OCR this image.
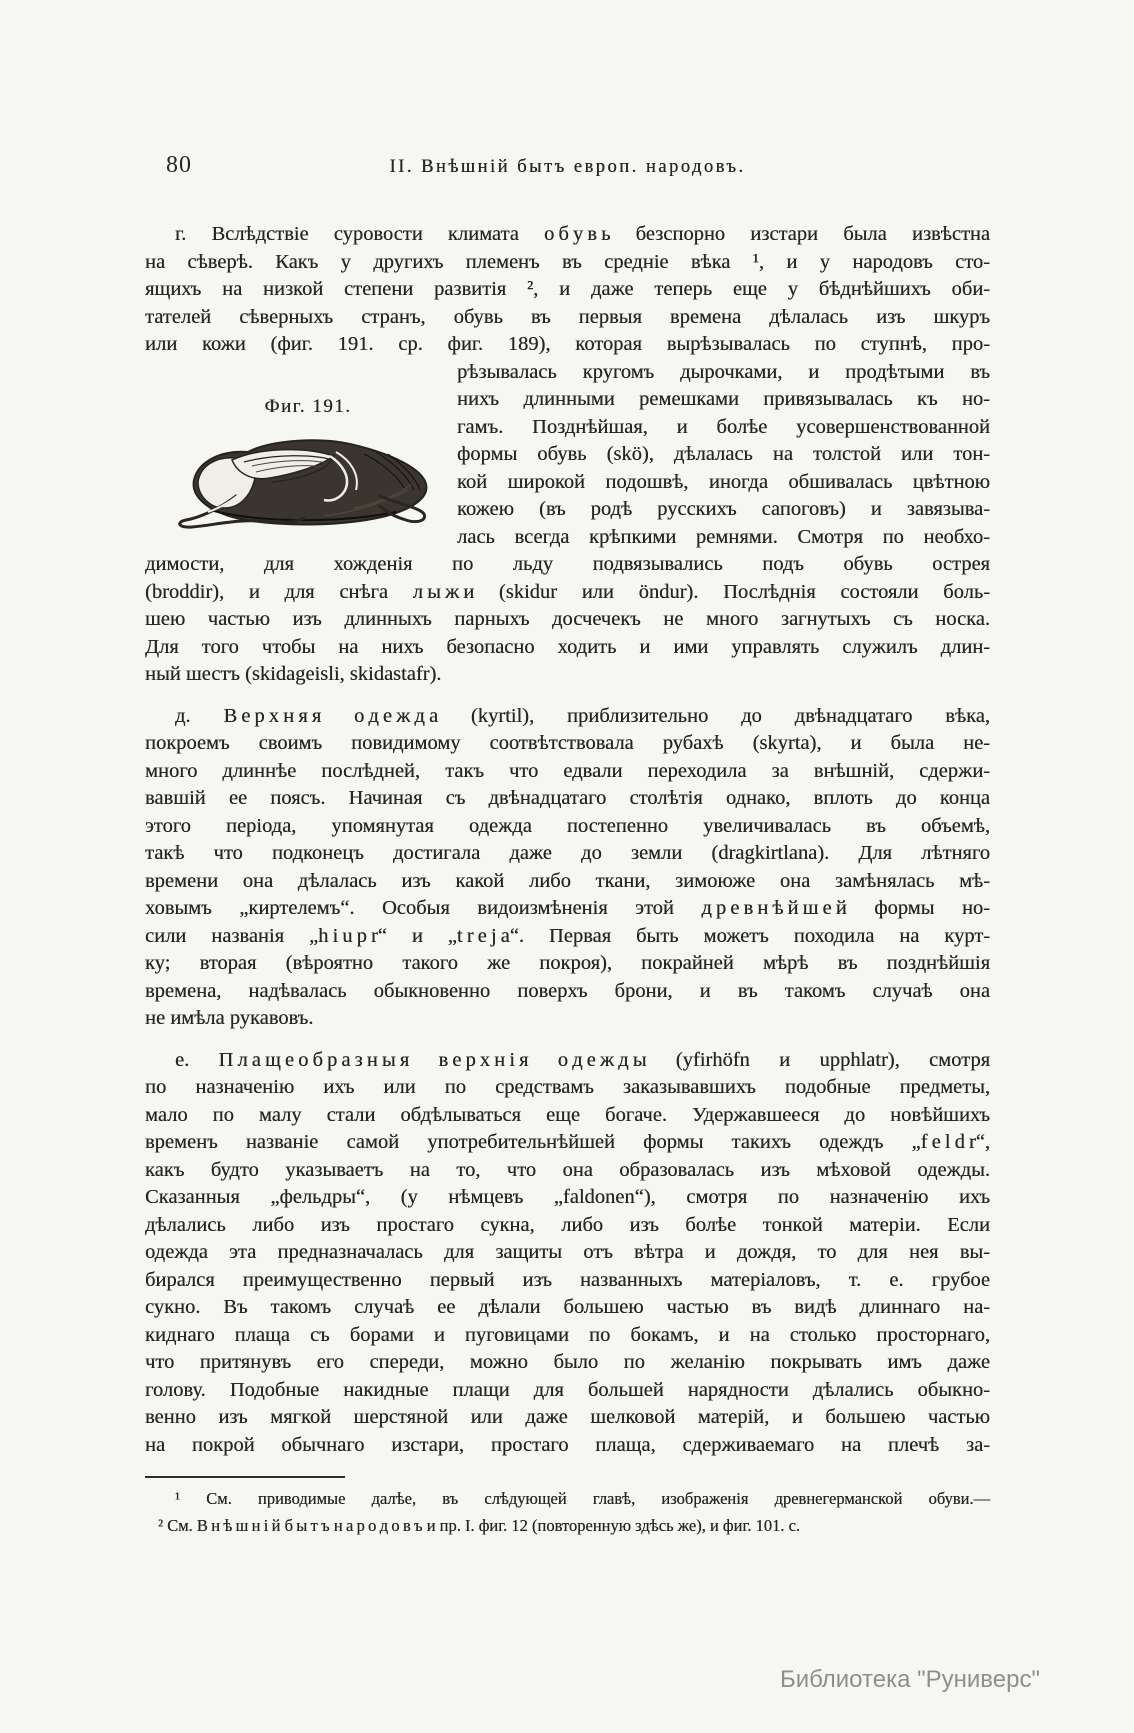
80	II. Внѣшній бытъ европ. народовъ.
г. Вслѣдствіе суровости климата о б у в ь безспорно изстари была извѣстна
на сѣверѣ. Какъ у другихъ племенъ въ средніе вѣка ¹, и у народовъ сто-
ящихъ на низкой степени развитія ², и даже теперь еще у бѣднѣйшихъ оби-
тателей сѣверныхъ странъ, обувь въ первыя времена дѣлалась изъ шкуръ
или кожи (фиг. 191. ср. фиг. 189), которая вырѣзывалась по ступнѣ, про-
рѣзывалась кругомъ дырочками, и продѣтыми въ
нихъ длинными ремешками привязывалась къ но-
гамъ. Позднѣйшая, и болѣе усовершенствованной
формы обувь (skö), дѣлалась на толстой или тон-
кой широкой подошвѣ, иногда обшивалась цвѣтною
кожею (въ родѣ русскихъ сапоговъ) и завязыва-
лась всегда крѣпкими ремнями. Смотря по необхо-
димости, для хожденія по льду подвязывались подъ обувь острея
(broddir), и для снѣга л ы ж и (skidur или öndur). Послѣднія состояли боль-
шею частью изъ длинныхъ парныхъ досчечекъ не много загнутыхъ съ носка.
Для того чтобы на нихъ безопасно ходить и ими управлять служилъ длин-
ный шестъ (skidageisli, skidastafr).
д. В е р х н я я о д е ж д а (kyrtil), приблизительно до двѣнадцатаго вѣка,
покроемъ своимъ повидимому соотвѣтствовала рубахѣ (skyrta), и была не-
много длиннѣе послѣдней, такъ что едвали переходила за внѣшній, сдержи-
вавшій ее поясъ. Начиная съ двѣнадцатаго столѣтія однако, вплоть до конца
этого періода, упомянутая одежда постепенно увеличивалась въ объемѣ,
такѣ что подконецъ достигала даже до земли (dragkirtlana). Для лѣтняго
времени она дѣлалась изъ какой либо ткани, зимоюже она замѣнялась мѣ-
ховымъ „киртелемъ“. Особыя видоизмѣненія этой д р е в н ѣ й ш е й формы но-
сили названія „h i u p r“ и „t r e j a“. Первая быть можетъ походила на курт-
ку; вторая (вѣроятно такого же покроя), покрайней мѣрѣ въ позднѣйшія
времена, надѣвалась обыкновенно поверхъ брони, и въ такомъ случаѣ она
не имѣла рукавовъ.
е. П л а щ е о б р а з н ы я в е р х н і я о д е ж д ы (yfirhöfn и upphlatr), смотря
по назначенію ихъ или по средствамъ заказывавшихъ подобные предметы,
мало по малу стали обдѣлываться еще богаче. Удержавшееся до новѣйшихъ
временъ названіе самой употребительнѣйшей формы такихъ одеждъ „f e l d r“,
какъ будто указываетъ на то, что она образовалась изъ мѣховой одежды.
Сказанныя „фельдры“, (у нѣмцевъ „faldonen“), смотря по назначенію ихъ
дѣлались либо изъ простаго сукна, либо изъ болѣе тонкой матеріи. Если
одежда эта предназначалась для защиты отъ вѣтра и дождя, то для нея вы-
бирался преимущественно первый изъ названныхъ матеріаловъ, т. е. грубое
сукно. Въ такомъ случаѣ ее дѣлали большею частью въ видѣ длиннаго на-
киднаго плаща съ борами и пуговицами по бокамъ, и на столько просторнаго,
что притянувъ его спереди, можно было по желанію покрывать имъ даже
голову. Подобные накидные плащи для большей нарядности дѣлались обыкно-
венно изъ мягкой шерстяной или даже шелковой матерій, и большею частью
на покрой обычнаго изстари, простаго плаща, сдерживаемаго на плечѣ за-
¹ См. приводимые далѣе, въ слѣдующей главѣ, изображенія древнегерманской обуви.—
² См. В н ѣ ш н і й б ы т ъ н а р о д о в ъ и пр. I. фиг. 12 (повторенную здѣсь же), и фиг. 101. с.
Фиг. 191.
Библиотека "Руниверс"
